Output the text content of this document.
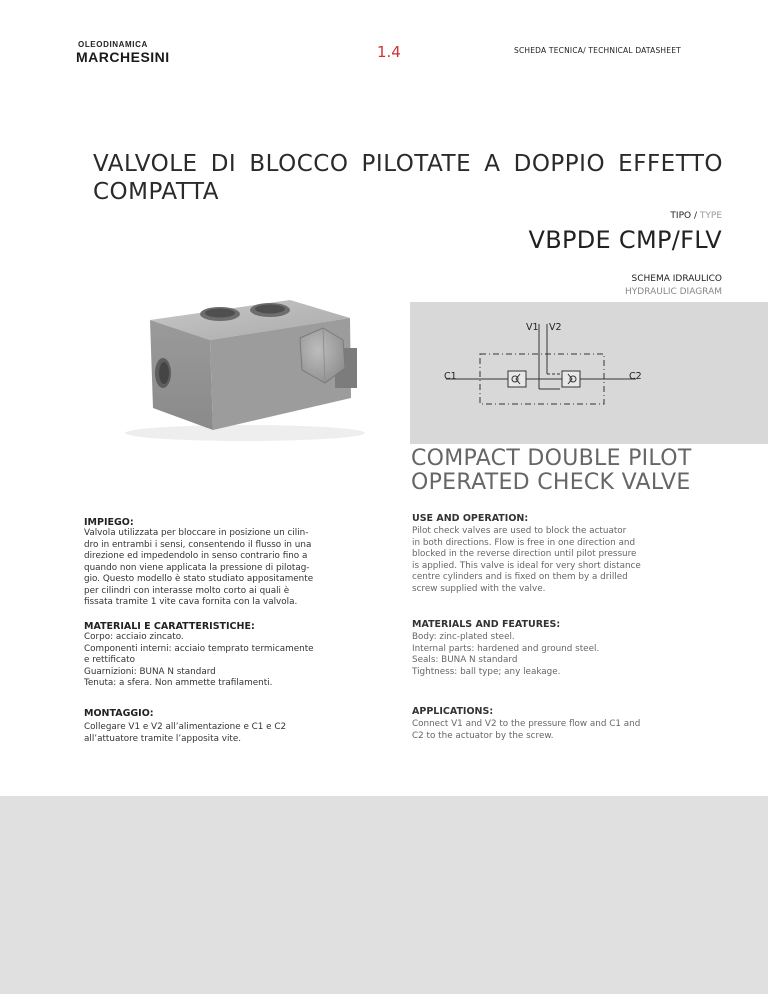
OLEODINAMICA
MARCHESINI	1.4	SCHEDA TECNICA/ TECHNICAL DATASHEET
VALVOLE DI BLOCCO PILOTATE A DOPPIO EFFETTO COMPATTA
TIPO / TYPE
VBPDE CMP/FLV
SCHEMA IDRAULICO
HYDRAULIC DIAGRAM
V1 V2
C1	C2
COMPACT DOUBLE PILOT
OPERATED CHECK VALVE
IMPIEGO:
Valvola utilizzata per bloccare in posizione un cilin-
dro in entrambi i sensi, consentendo il flusso in una
direzione ed impedendolo in senso contrario fino a
quando non viene applicata la pressione di pilotag-
gio. Questo modello è stato studiato appositamente
per cilindri con interasse molto corto ai quali è
fissata tramite 1 vite cava fornita con la valvola.
MATERIALI E CARATTERISTICHE:
Corpo: acciaio zincato.
Componenti interni: acciaio temprato termicamente
e rettificato
Guarnizioni: BUNA N standard
Tenuta: a sfera. Non ammette trafilamenti.
MONTAGGIO:
Collegare V1 e V2 all’alimentazione e C1 e C2
all’attuatore tramite l’apposita vite.
USE AND OPERATION:
Pilot check valves are used to block the actuator
in both directions. Flow is free in one direction and
blocked in the reverse direction until pilot pressure
is applied. This valve is ideal for very short distance
centre cylinders and is fixed on them by a drilled
screw supplied with the valve.
MATERIALS AND FEATURES:
Body: zinc-plated steel.
Internal parts: hardened and ground steel.
Seals: BUNA N standard
Tightness: ball type; any leakage.
APPLICATIONS:
Connect V1 and V2 to the pressure flow and C1 and
C2 to the actuator by the screw.
